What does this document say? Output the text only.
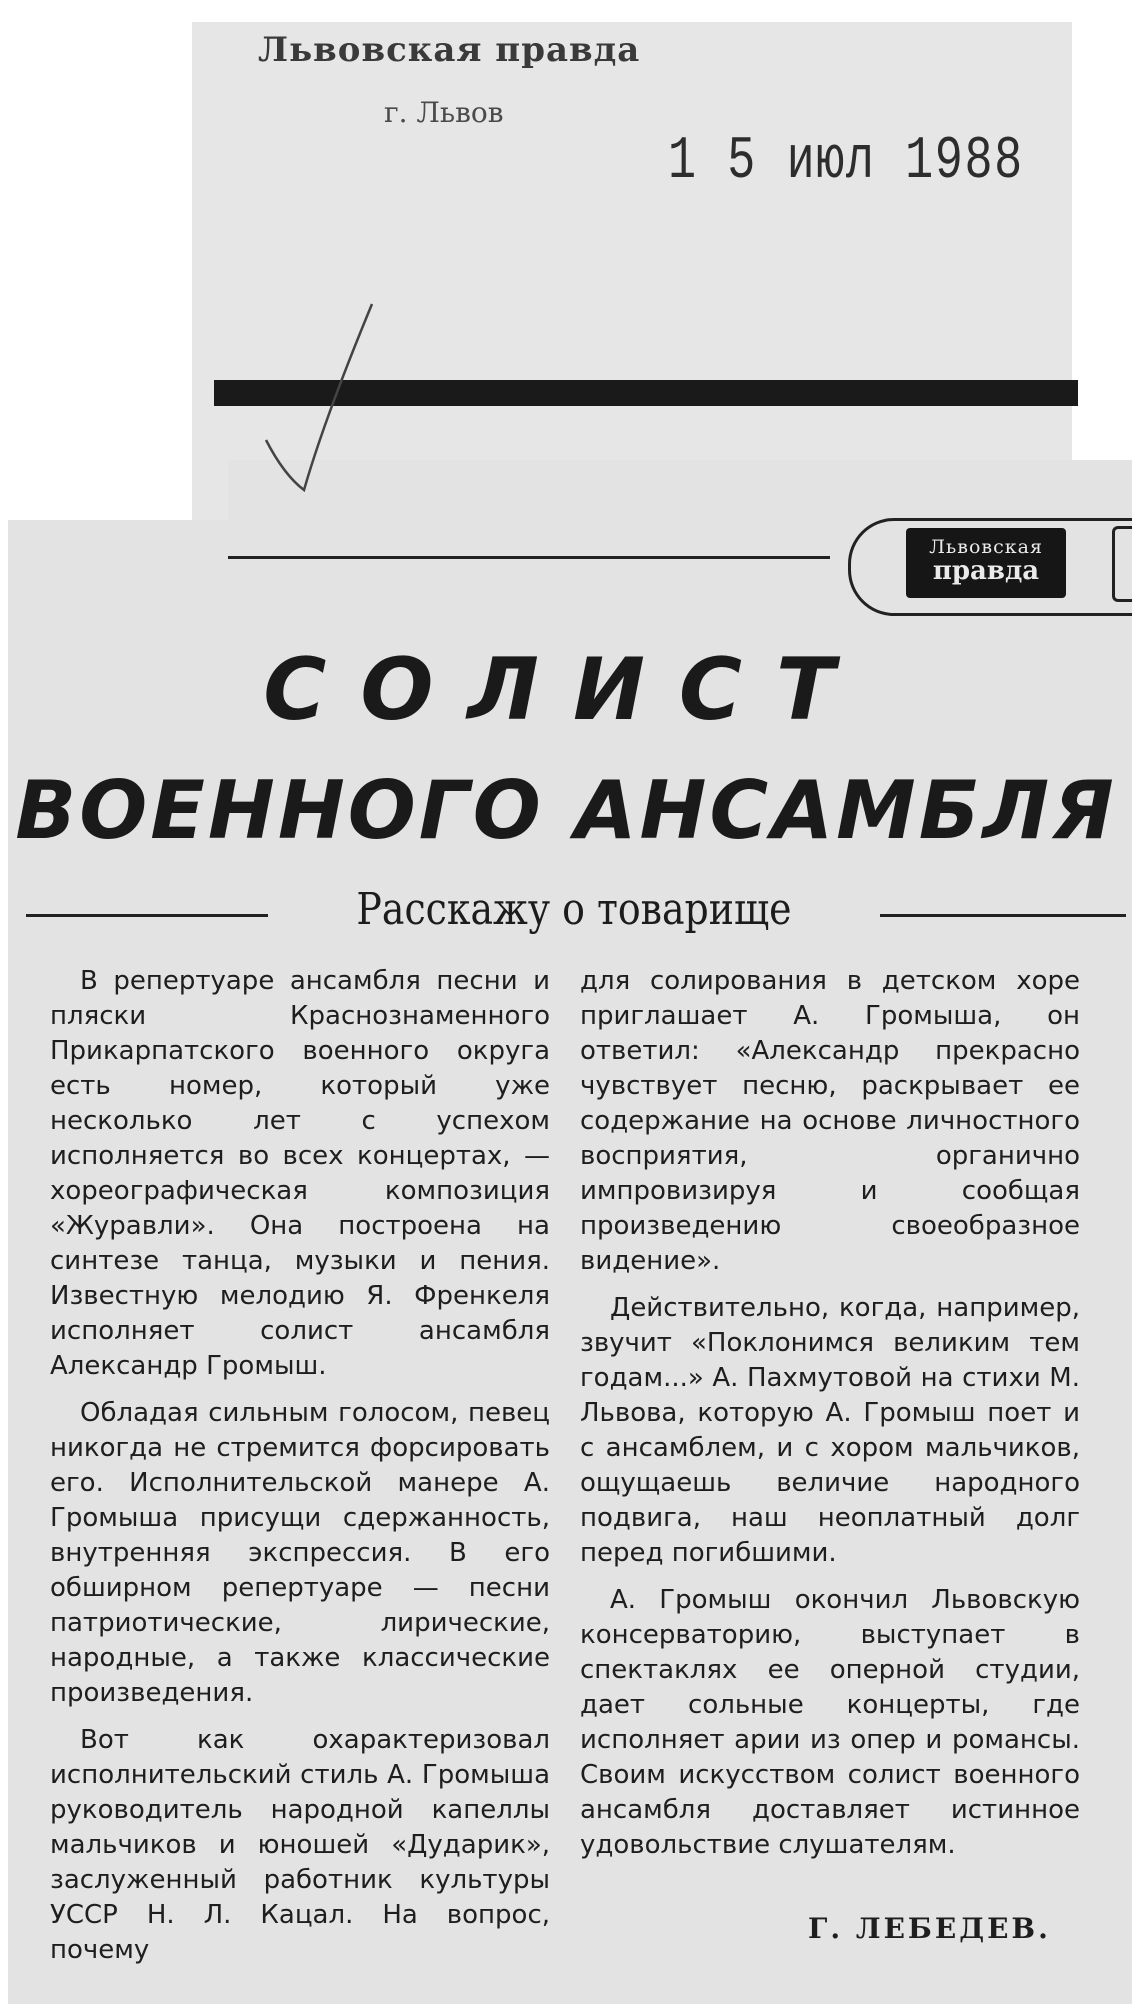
Львовская правда
г. Львов
1 5 июл 1988
Львовская
правда
СОЛИСТ
ВОЕННОГО АНСАМБЛЯ
Расскажу о товарище

В репертуаре ансамбля песни и пляски Краснознаменного Прикарпатского военного округа есть номер, который уже несколько лет с успехом исполняется во всех концертах, — хореографическая композиция «Журавли». Она построена на синтезе танца, музыки и пения. Известную мелодию Я. Френкеля исполняет солист ансамбля Александр Громыш.

Обладая сильным голосом, певец никогда не стремится форсировать его. Исполнительской манере А. Громыша присущи сдержанность, внутренняя экспрессия. В его обширном репертуаре — песни патриотические, лирические, народные, а также классические произведения.

Вот как охарактеризовал исполнительский стиль А. Громыша руководитель народной капеллы мальчиков и юношей «Дударик», заслуженный работник культуры УССР Н. Л. Кацал. На вопрос, почему

для солирования в детском хоре приглашает А. Громыша, он ответил: «Александр прекрасно чувствует песню, раскрывает ее содержание на основе личностного восприятия, органично импровизируя и сообщая произведению своеобразное видение».

Действительно, когда, например, звучит «Поклонимся великим тем годам...» А. Пахмутовой на стихи М. Львова, которую А. Громыш поет и с ансамблем, и с хором мальчиков, ощущаешь величие народного подвига, наш неоплатный долг перед погибшими.

А. Громыш окончил Львовскую консерваторию, выступает в спектаклях ее оперной студии, дает сольные концерты, где исполняет арии из опер и романсы. Своим искусством солист военного ансамбля доставляет истинное удовольствие слушателям.

Г. ЛЕБЕДЕВ.
